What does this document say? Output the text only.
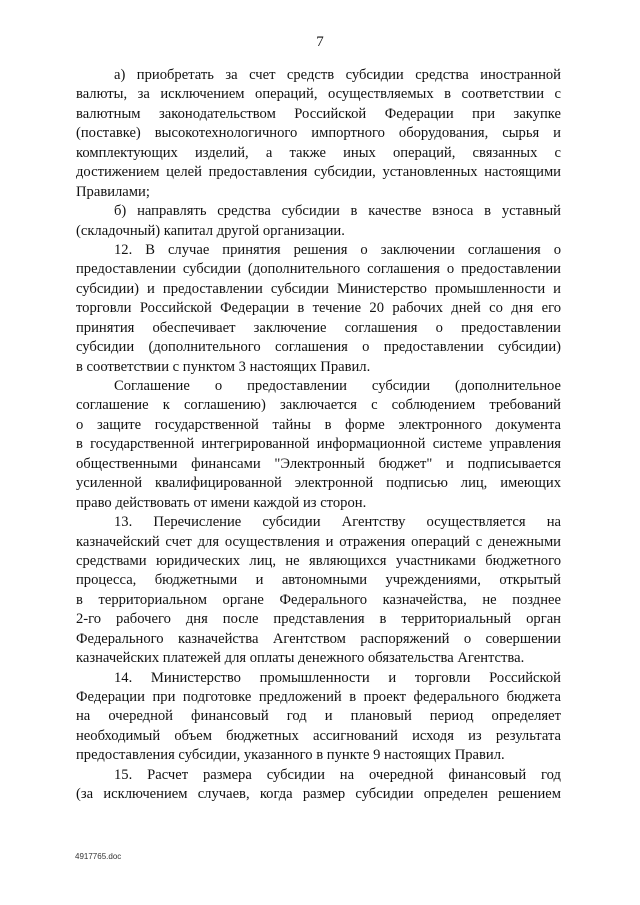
7
а) приобретать за счет средств субсидии средства иностранной
валюты, за исключением операций, осуществляемых в соответствии с
валютным законодательством Российской Федерации при закупке
(поставке) высокотехнологичного импортного оборудования, сырья и
комплектующих изделий, а также иных операций, связанных с
достижением целей предоставления субсидии, установленных настоящими
Правилами;
б) направлять средства субсидии в качестве взноса в уставный
(складочный) капитал другой организации.
12. В случае принятия решения о заключении соглашения о
предоставлении субсидии (дополнительного соглашения о предоставлении
субсидии) и предоставлении субсидии Министерство промышленности и
торговли Российской Федерации в течение 20 рабочих дней со дня его
принятия обеспечивает заключение соглашения о предоставлении
субсидии (дополнительного соглашения о предоставлении субсидии)
в соответствии с пунктом 3 настоящих Правил.
Соглашение о предоставлении субсидии (дополнительное
соглашение к соглашению) заключается с соблюдением требований
о защите государственной тайны в форме электронного документа
в государственной интегрированной информационной системе управления
общественными финансами "Электронный бюджет" и подписывается
усиленной квалифицированной электронной подписью лиц, имеющих
право действовать от имени каждой из сторон.
13. Перечисление субсидии Агентству осуществляется на
казначейский счет для осуществления и отражения операций с денежными
средствами юридических лиц, не являющихся участниками бюджетного
процесса, бюджетными и автономными учреждениями, открытый
в территориальном органе Федерального казначейства, не позднее
2-го рабочего дня после представления в территориальный орган
Федерального казначейства Агентством распоряжений о совершении
казначейских платежей для оплаты денежного обязательства Агентства.
14. Министерство промышленности и торговли Российской
Федерации при подготовке предложений в проект федерального бюджета
на очередной финансовый год и плановый период определяет
необходимый объем бюджетных ассигнований исходя из результата
предоставления субсидии, указанного в пункте 9 настоящих Правил.
15. Расчет размера субсидии на очередной финансовый год
(за исключением случаев, когда размер субсидии определен решением
4917765.doc
